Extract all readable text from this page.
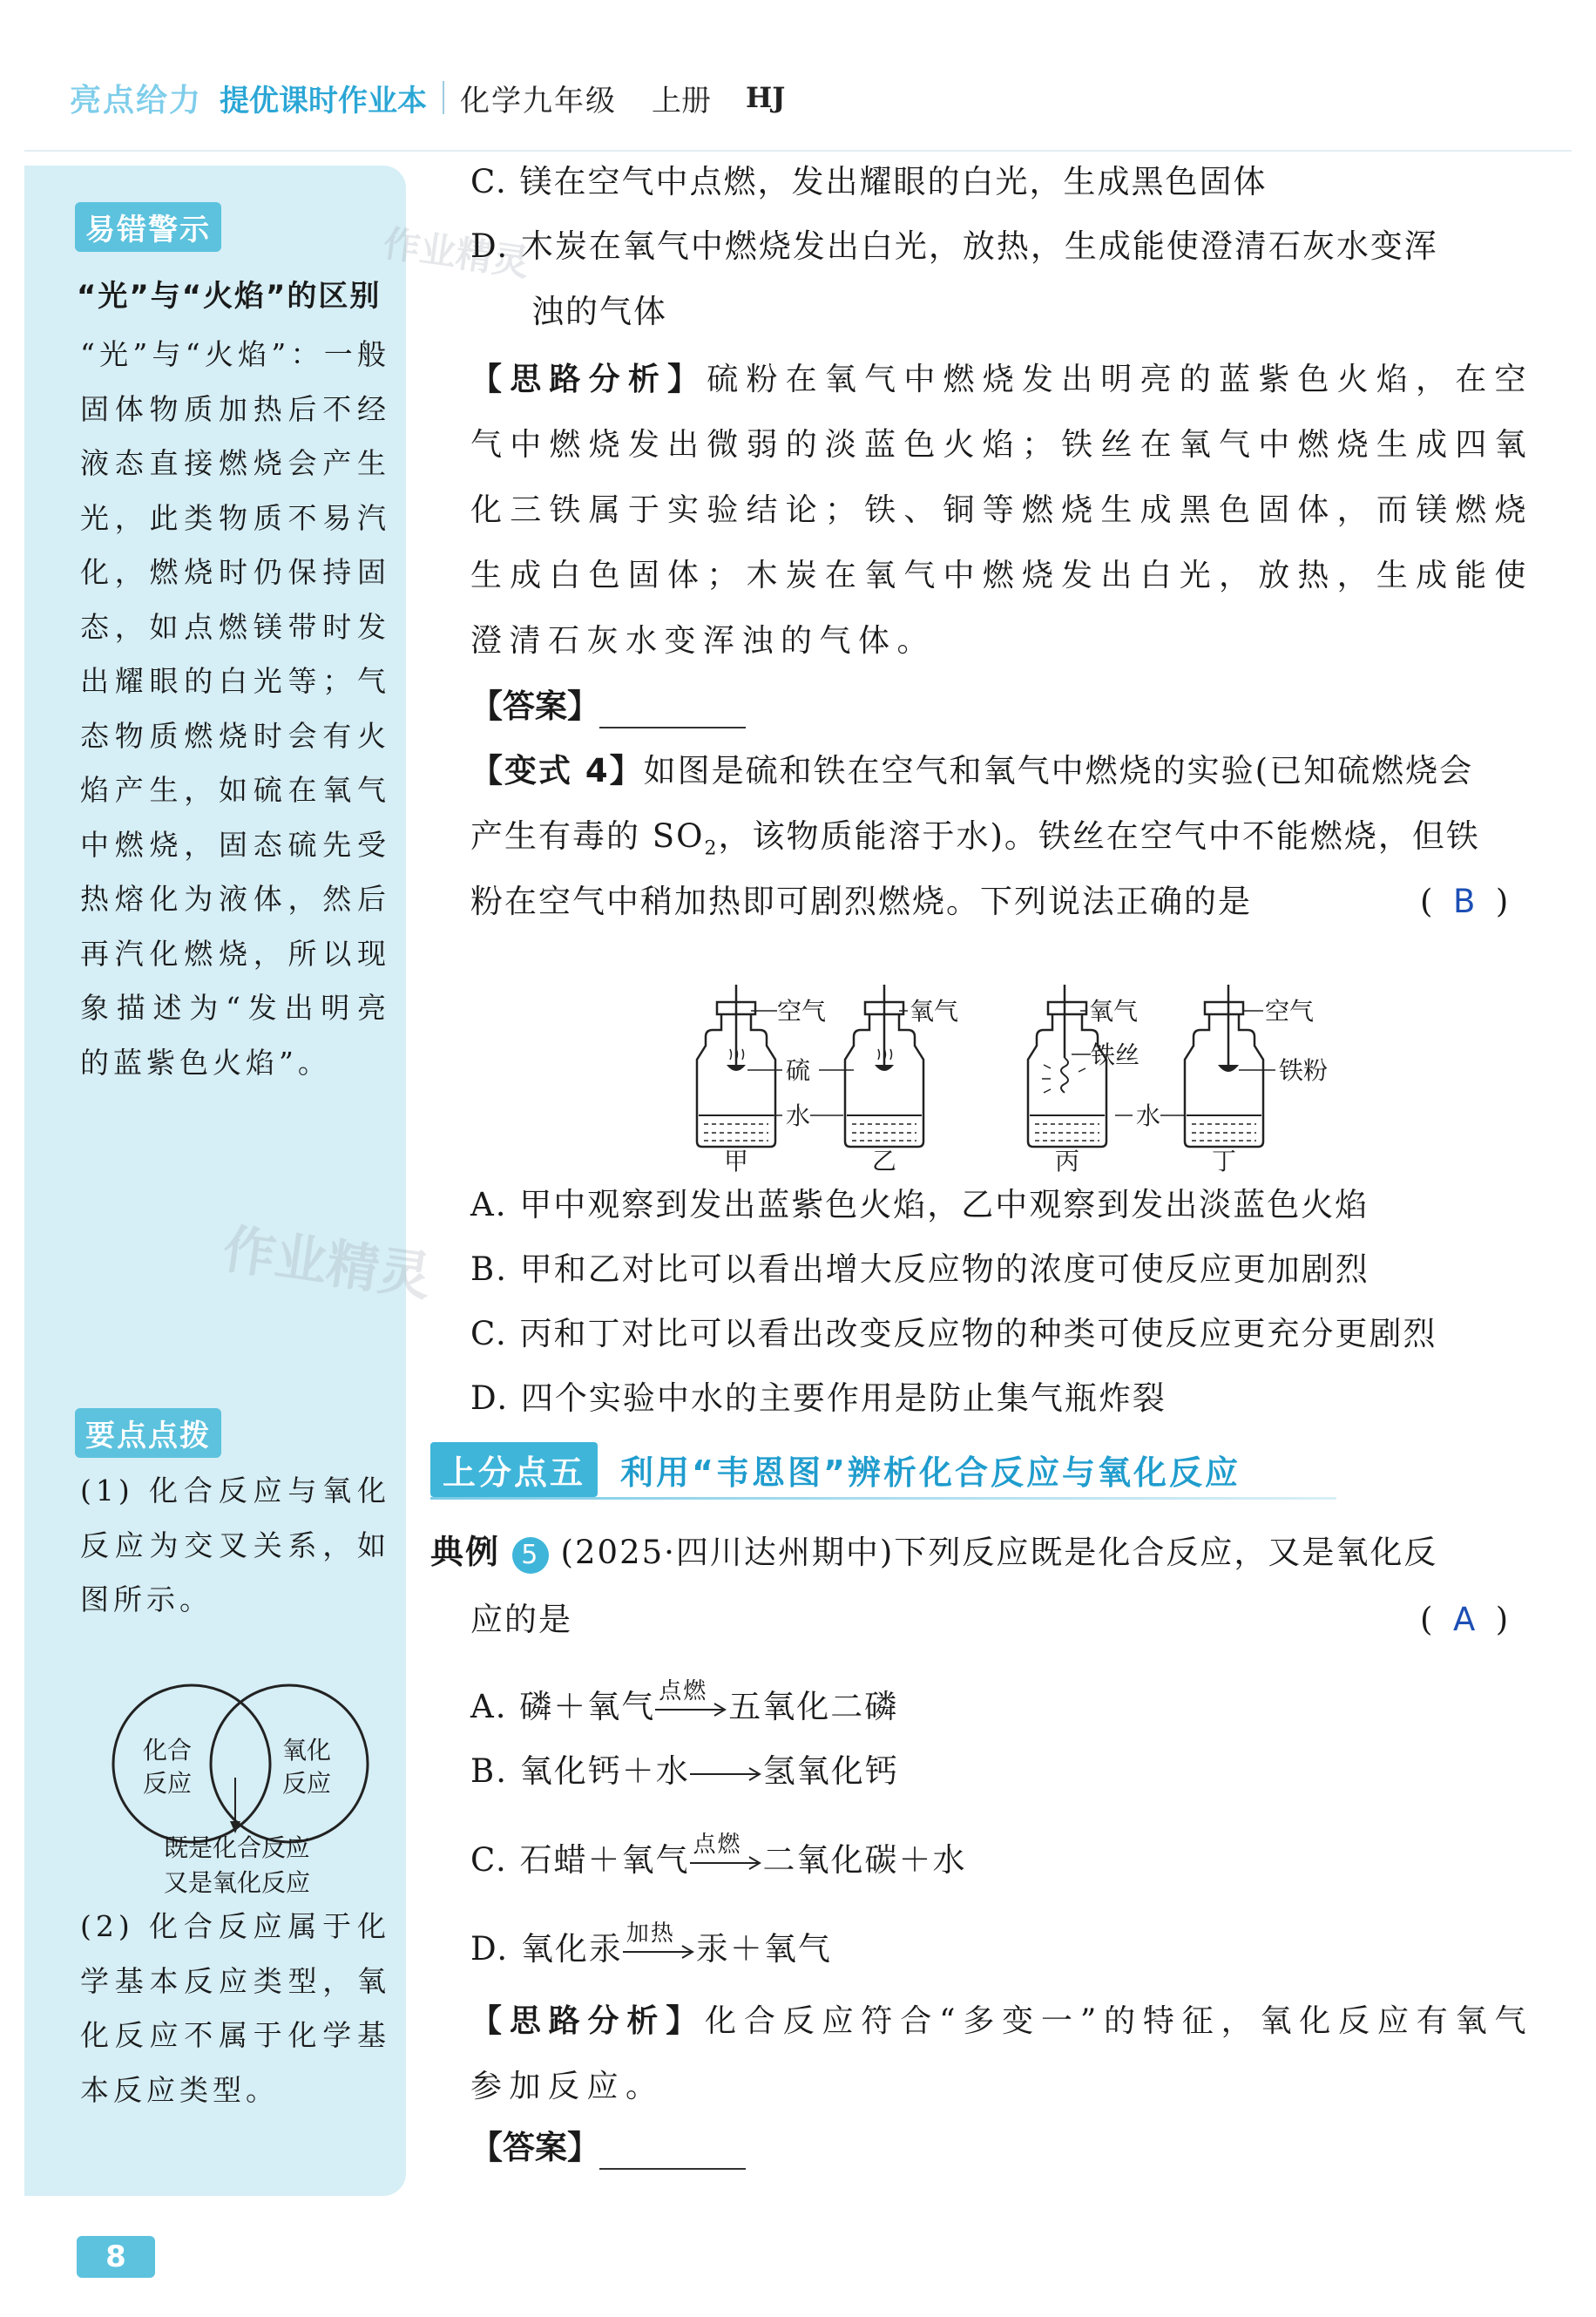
亮点给力 提优课时作业本 化学九年级 上册 HJ
易错警示
“光”与“火焰”的区别
“光”与“火焰”：一般固体物质加热后不经液态直接燃烧会产生光，此类物质不易汽化，燃烧时仍保持固态，如点燃镁带时发出耀眼的白光等；气态物质燃烧时会有火焰产生，如硫在氧气中燃烧，固态硫先受热熔化为液体，然后再汽化燃烧，所以现象描述为“发出明亮的蓝紫色火焰”。
要点点拨
(1) 化合反应与氧化反应为交叉关系，如图所示。
化合
反应
氧化
反应
既是化合反应
又是氧化反应
(2) 化合反应属于化学基本反应类型，氧化反应不属于化学基本反应类型。
作业精灵
作业精灵
C. 镁在空气中点燃，发出耀眼的白光，生成黑色固体
D. 木炭在氧气中燃烧发出白光，放热，生成能使澄清石灰水变浑
浊的气体
【思路分析】硫粉在氧气中燃烧发出明亮的蓝紫色火焰，在空气中燃烧发出微弱的淡蓝色火焰；铁丝在氧气中燃烧生成四氧化三铁属于实验结论；铁、铜等燃烧生成黑色固体，而镁燃烧生成白色固体；木炭在氧气中燃烧发出白光，放热，生成能使澄清石灰水变浑浊的气体。
【答案】
【变式 4】如图是硫和铁在空气和氧气中燃烧的实验(已知硫燃烧会
产生有毒的 $SO_2$，该物质能溶于水)。铁丝在空气中不能燃烧，但铁
粉在空气中稍加热即可剧烈燃烧。下列说法正确的是	(  B  )
空气
硫
水
氧气	氧气
铁丝
水
空气
铁粉
甲	乙	丙	丁
A. 甲中观察到发出蓝紫色火焰，乙中观察到发出淡蓝色火焰
B. 甲和乙对比可以看出增大反应物的浓度可使反应更加剧烈
C. 丙和丁对比可以看出改变反应物的种类可使反应更充分更剧烈
D. 四个实验中水的主要作用是防止集气瓶炸裂
上分点五	利用“韦恩图”辨析化合反应与氧化反应
典例 5 (2025·四川达州期中)下列反应既是化合反应，又是氧化反
应的是	(  A  )
A. 磷＋氧气 点燃 五氧化二磷
B. 氧化钙＋水 氢氧化钙
C. 石蜡＋氧气 点燃 二氧化碳＋水
D. 氧化汞 加热 汞＋氧气
【思路分析】化合反应符合“多变一”的特征，氧化反应有氧气参加反应。
【答案】
8
